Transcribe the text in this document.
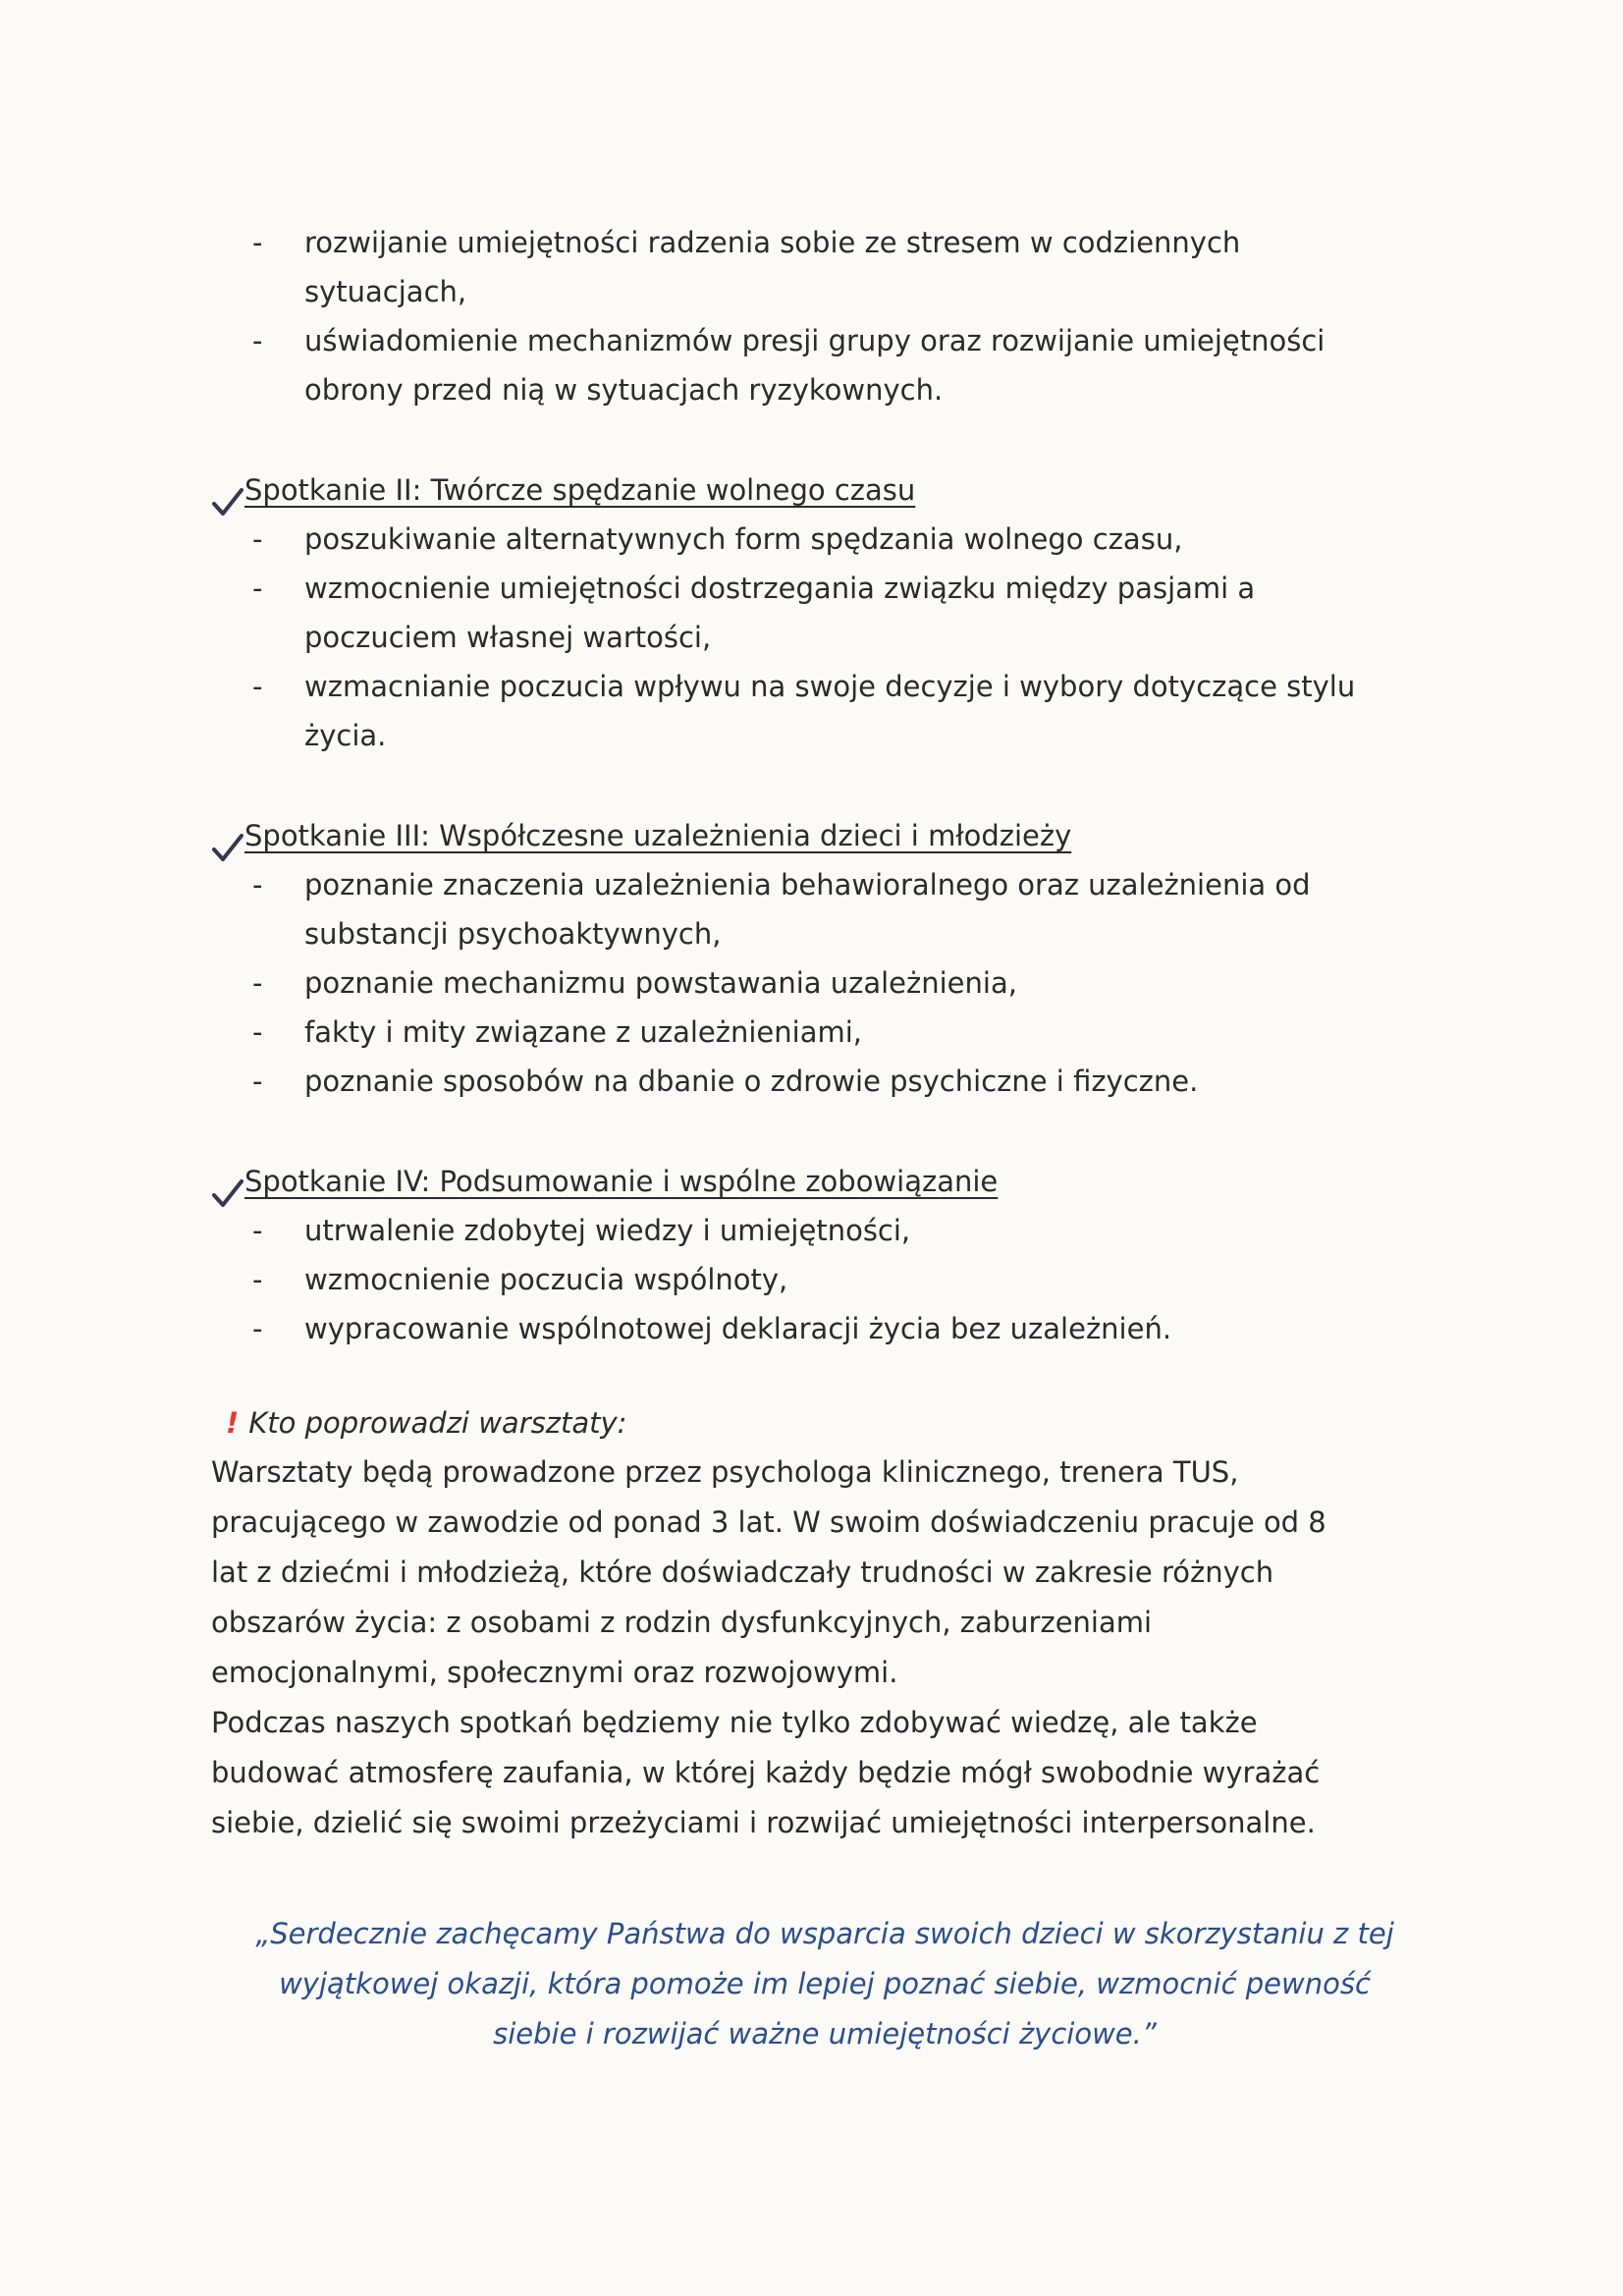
- rozwijanie umiejętności radzenia sobie ze stresem w codziennych
sytuacjach,
- uświadomienie mechanizmów presji grupy oraz rozwijanie umiejętności
obrony przed nią w sytuacjach ryzykownych.
Spotkanie II: Twórcze spędzanie wolnego czasu
- poszukiwanie alternatywnych form spędzania wolnego czasu,
- wzmocnienie umiejętności dostrzegania związku między pasjami a
poczuciem własnej wartości,
- wzmacnianie poczucia wpływu na swoje decyzje i wybory dotyczące stylu
życia.
Spotkanie III: Współczesne uzależnienia dzieci i młodzieży
- poznanie znaczenia uzależnienia behawioralnego oraz uzależnienia od
substancji psychoaktywnych,
- poznanie mechanizmu powstawania uzależnienia,
- fakty i mity związane z uzależnieniami,
- poznanie sposobów na dbanie o zdrowie psychiczne i fizyczne.
Spotkanie IV: Podsumowanie i wspólne zobowiązanie
- utrwalenie zdobytej wiedzy i umiejętności,
- wzmocnienie poczucia wspólnoty,
- wypracowanie wspólnotowej deklaracji życia bez uzależnień.
! Kto poprowadzi warsztaty:

Warsztaty będą prowadzone przez psychologa klinicznego, trenera TUS,
pracującego w zawodzie od ponad 3 lat. W swoim doświadczeniu pracuje od 8
lat z dziećmi i młodzieżą, które doświadczały trudności w zakresie różnych
obszarów życia: z osobami z rodzin dysfunkcyjnych, zaburzeniami
emocjonalnymi, społecznymi oraz rozwojowymi.

Podczas naszych spotkań będziemy nie tylko zdobywać wiedzę, ale także
budować atmosferę zaufania, w której każdy będzie mógł swobodnie wyrażać
siebie, dzielić się swoimi przeżyciami i rozwijać umiejętności interpersonalne.

„Serdecznie zachęcamy Państwa do wsparcia swoich dzieci w skorzystaniu z tej
wyjątkowej okazji, która pomoże im lepiej poznać siebie, wzmocnić pewność
siebie i rozwijać ważne umiejętności życiowe.”
